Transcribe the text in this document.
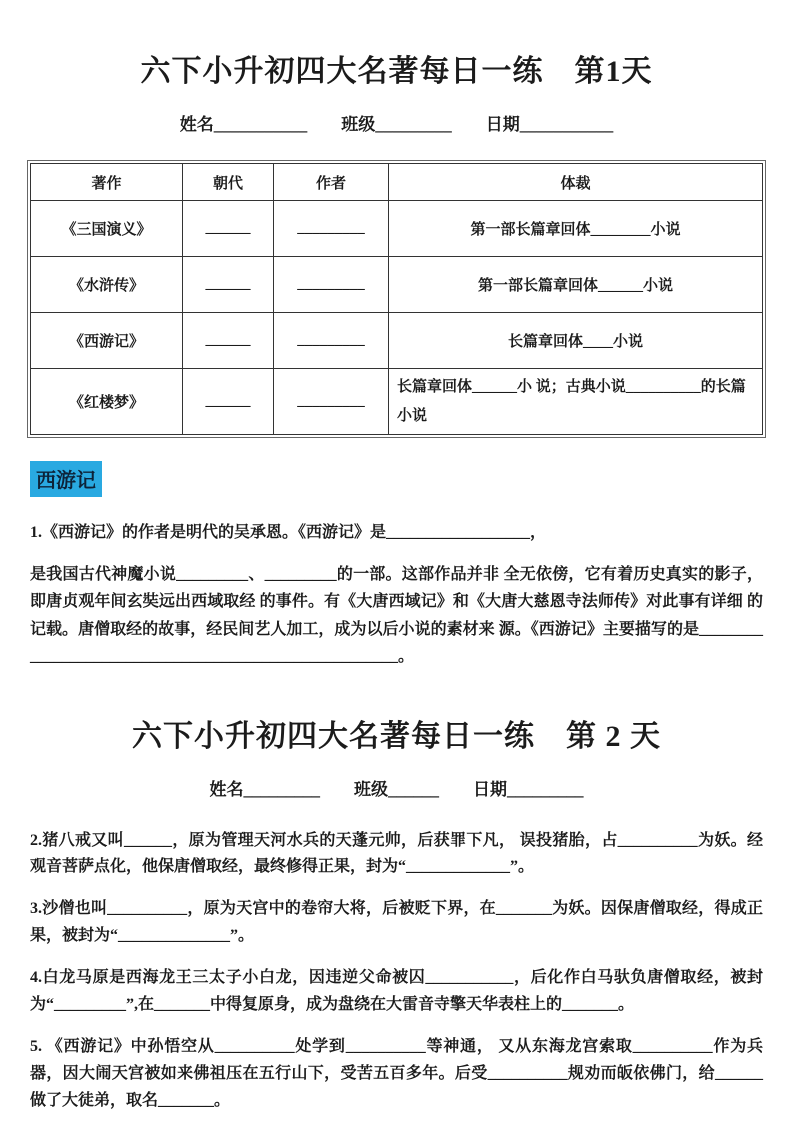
六下小升初四大名著每日一练　第1天
姓名___________ 班级_________ 日期___________
著作	朝代	作者	体裁
《三国演义》	______	_________	第一部长篇章回体________小说
《水浒传》	______	_________	第一部长篇章回体______小说
《西游记》	______	_________	长篇章回体____小说
《红楼梦》	______	_________	长篇章回体______小 说；古典小说__________的长篇小说
西游记
1.《西游记》的作者是明代的吴承恩。《西游记》是__________________，
是我国古代神魔小说_________、_________的一部。这部作品并非 全无依傍，它有着历史真实的影子，即唐贞观年间玄奘远出西域取经 的事件。有《大唐西域记》和《大唐大慈恩寺法师传》对此事有详细 的记载。唐僧取经的故事，经民间艺人加工，成为以后小说的素材来 源。《西游记》主要描写的是______________________________________________________。
六下小升初四大名著每日一练　第 2 天
姓名_________ 班级______ 日期_________
2.猪八戒又叫______，原为管理天河水兵的天蓬元帅，后获罪下凡， 误投猪胎，占__________为妖。经观音菩萨点化，他保唐僧取经，最终修得正果，封为“_____________”。
3.沙僧也叫__________，原为天宫中的卷帘大将，后被贬下界，在_______为妖。因保唐僧取经，得成正果，被封为“______________”。
4.白龙马原是西海龙王三太子小白龙，因违逆父命被囚___________，后化作白马驮负唐僧取经，被封为“_________”,在_______中得复原身，成为盘绕在大雷音寺擎天华表柱上的_______。
5. 《西游记》中孙悟空从__________处学到__________等神通， 又从东海龙宫索取__________作为兵器，因大闹天宫被如来佛祖压在五行山下，受苦五百多年。后受__________规劝而皈依佛门，给______做了大徒弟，取名_______。
